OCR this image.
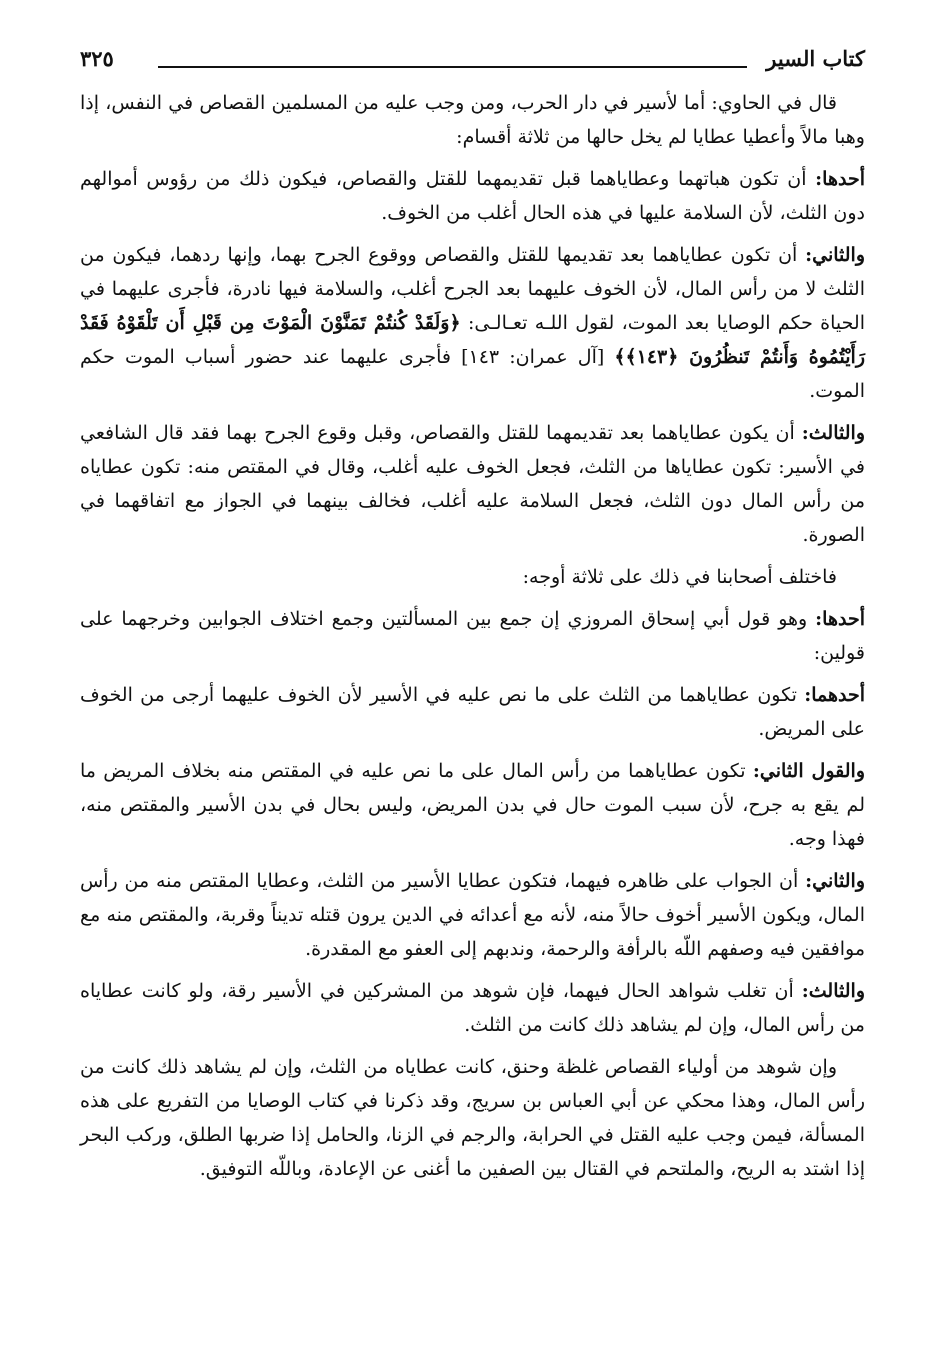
كتاب السير
٣٢٥

قال في الحاوي: أما لأسير في دار الحرب، ومن وجب عليه من المسلمين القصاص في النفس، إذا وهبا مالاً وأعطيا عطايا لم يخل حالها من ثلاثة أقسام:

أحدها: أن تكون هباتهما وعطاياهما قبل تقديمهما للقتل والقصاص، فيكون ذلك من رؤوس أموالهم دون الثلث، لأن السلامة عليها في هذه الحال أغلب من الخوف.

والثاني: أن تكون عطاياهما بعد تقديمها للقتل والقصاص ووقوع الجرح بهما، وإنها ردهما، فيكون من الثلث لا من رأس المال، لأن الخوف عليهما بعد الجرح أغلب، والسلامة فيها نادرة، فأجرى عليهما في الحياة حكم الوصايا بعد الموت، لقول اللـه تعـالـى: ﴿وَلَقَدْ كُنتُمْ تَمَنَّوْنَ الْمَوْتَ مِن قَبْلِ أَن تَلْقَوْهُ فَقَدْ رَأَيْتُمُوهُ وَأَنتُمْ تَنظُرُونَ ﴿١٤٣﴾﴾ [آل عمران: ١٤٣] فأجرى عليهما عند حضور أسباب الموت حكم الموت.

والثالث: أن يكون عطاياهما بعد تقديمهما للقتل والقصاص، وقبل وقوع الجرح بهما فقد قال الشافعي في الأسير: تكون عطاياها من الثلث، فجعل الخوف عليه أغلب، وقال في المقتص منه: تكون عطاياه من رأس المال دون الثلث، فجعل السلامة عليه أغلب، فخالف بينهما في الجواز مع اتفاقهما في الصورة.

فاختلف أصحابنا في ذلك على ثلاثة أوجه:

أحدها: وهو قول أبي إسحاق المروزي إن جمع بين المسألتين وجمع اختلاف الجوابين وخرجهما على قولين:

أحدهما: تكون عطاياهما من الثلث على ما نص عليه في الأسير لأن الخوف عليهما أرجى من الخوف على المريض.

والقول الثاني: تكون عطاياهما من رأس المال على ما نص عليه في المقتص منه بخلاف المريض ما لم يقع به جرح، لأن سبب الموت حال في بدن المريض، وليس بحال في بدن الأسير والمقتص منه، فهذا وجه.

والثاني: أن الجواب على ظاهره فيهما، فتكون عطايا الأسير من الثلث، وعطايا المقتص منه من رأس المال، ويكون الأسير أخوف حالاً منه، لأنه مع أعدائه في الدين يرون قتله تديناً وقربة، والمقتص منه مع موافقين فيه وصفهم اللّه بالرأفة والرحمة، وندبهم إلى العفو مع المقدرة.

والثالث: أن تغلب شواهد الحال فيهما، فإن شوهد من المشركين في الأسير رقة، ولو كانت عطاياه من رأس المال، وإن لم يشاهد ذلك كانت من الثلث.

وإن شوهد من أولياء القصاص غلظة وحنق، كانت عطاياه من الثلث، وإن لم يشاهد ذلك كانت من رأس المال، وهذا محكي عن أبي العباس بن سريج، وقد ذكرنا في كتاب الوصايا من التفريع على هذه المسألة، فيمن وجب عليه القتل في الحرابة، والرجم في الزنا، والحامل إذا ضربها الطلق، وركب البحر إذا اشتد به الريح، والملتحم في القتال بين الصفين ما أغنى عن الإعادة، وباللّه التوفيق.
